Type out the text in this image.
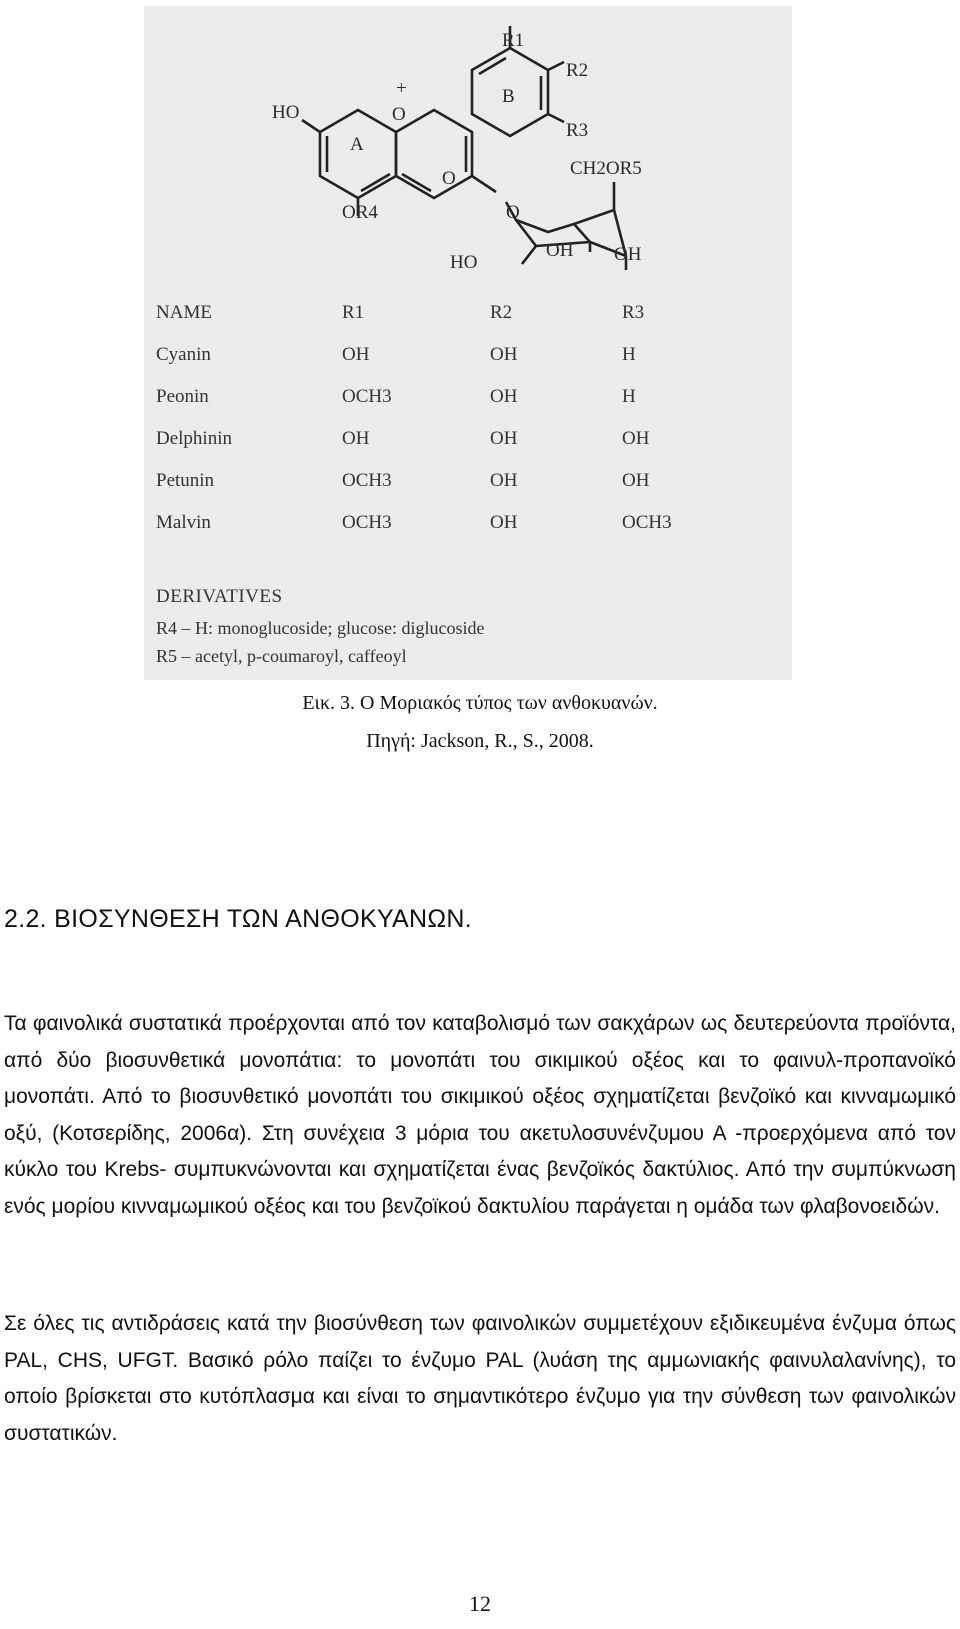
R1
R2
R3
B
A
HO
OR4
+
O
O
O
CH2OR5
HO
OH OH
NAME	R1	R2	R3
Cyanin	OH	OH	H
Peonin	OCH3	OH	H
Delphinin	OH	OH	OH
Petunin	OCH3	OH	OH
Malvin	OCH3	OH	OCH3
DERIVATIVES
R4 – H: monoglucoside; glucose: diglucoside
R5 – acetyl, p-coumaroyl, caffeoyl
Εικ. 3. Ο Μοριακός τύπος των ανθοκυανών.
Πηγή: Jackson, R., S., 2008.
2.2. ΒΙΟΣΥΝΘΕΣΗ ΤΩΝ ΑΝΘΟΚΥΑΝΩΝ.
Τα φαινολικά συστατικά προέρχονται από τον καταβολισμό των σακχάρων ως δευτερεύοντα προϊόντα, από δύο βιοσυνθετικά μονοπάτια: το μονοπάτι του σικιμικού οξέος και το φαινυλ-προπανοϊκό μονοπάτι. Από το βιοσυνθετικό μονοπάτι του σικιμικού οξέος σχηματίζεται βενζοϊκό και κινναμωμικό οξύ, (Κοτσερίδης, 2006α). Στη συνέχεια 3 μόρια του ακετυλοσυνένζυμου Α -προερχόμενα από τον κύκλο του Krebs- συμπυκνώνονται και σχηματίζεται ένας βενζοϊκός δακτύλιος. Από την συμπύκνωση ενός μορίου κινναμωμικού οξέος και του βενζοϊκού δακτυλίου παράγεται η ομάδα των φλαβονοειδών.
Σε όλες τις αντιδράσεις κατά την βιοσύνθεση των φαινολικών συμμετέχουν εξιδικευμένα ένζυμα όπως PAL, CHS, UFGT. Βασικό ρόλο παίζει το ένζυμο PAL (λυάση της αμμωνιακής φαινυλαλανίνης), το οποίο βρίσκεται στο κυτόπλασμα και είναι το σημαντικότερο ένζυμο για την σύνθεση των φαινολικών συστατικών.
12
